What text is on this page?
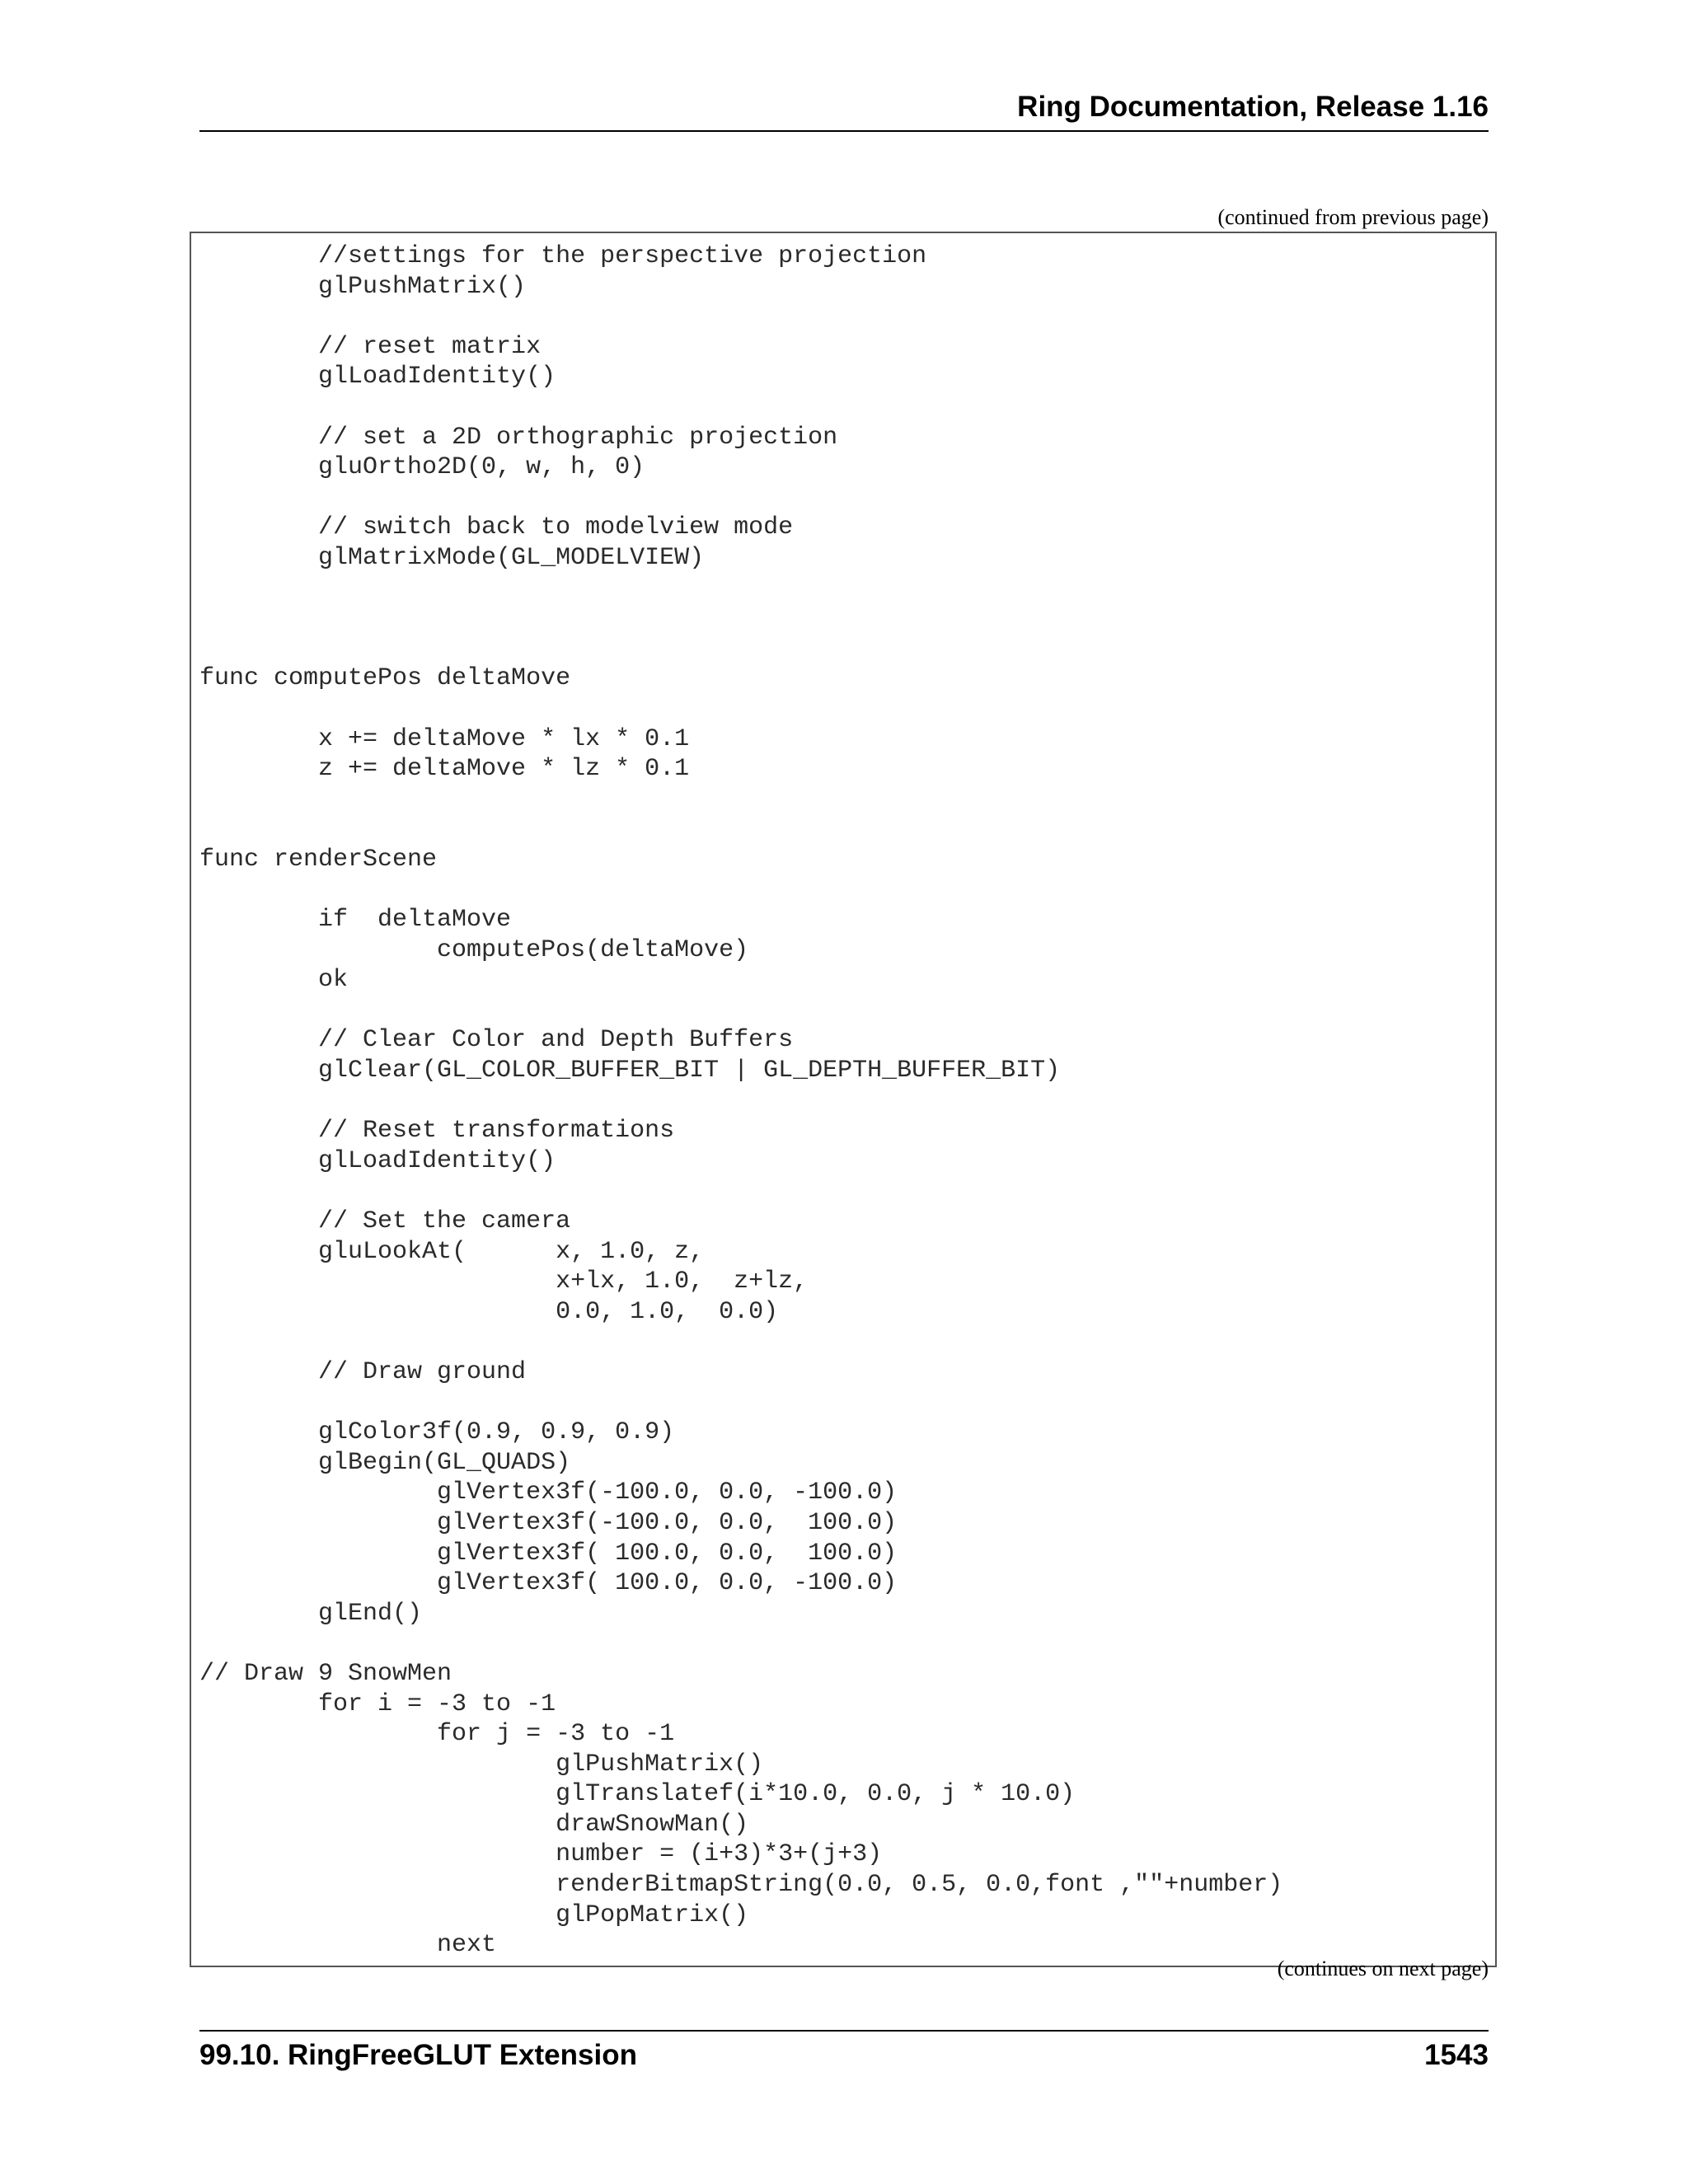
Ring Documentation, Release 1.16
(continued from previous page)
//settings for the perspective projection
glPushMatrix()
// reset matrix
glLoadIdentity()
// set a 2D orthographic projection
gluOrtho2D(0, w, h, 0)
// switch back to modelview mode
glMatrixMode(GL_MODELVIEW)
func computePos deltaMove
x += deltaMove * lx * 0.1
z += deltaMove * lz * 0.1
func renderScene
if  deltaMove
computePos(deltaMove)
ok
// Clear Color and Depth Buffers
glClear(GL_COLOR_BUFFER_BIT | GL_DEPTH_BUFFER_BIT)
// Reset transformations
glLoadIdentity()
// Set the camera
gluLookAt(      x, 1.0, z,
x+lx, 1.0,  z+lz,
0.0, 1.0,  0.0)
// Draw ground
glColor3f(0.9, 0.9, 0.9)
glBegin(GL_QUADS)
glVertex3f(-100.0, 0.0, -100.0)
glVertex3f(-100.0, 0.0,  100.0)
glVertex3f( 100.0, 0.0,  100.0)
glVertex3f( 100.0, 0.0, -100.0)
glEnd()
// Draw 9 SnowMen
for i = -3 to -1
for j = -3 to -1
glPushMatrix()
glTranslatef(i*10.0, 0.0, j * 10.0)
drawSnowMan()
number = (i+3)*3+(j+3)
renderBitmapString(0.0, 0.5, 0.0,font ,""+number)
glPopMatrix()
next
(continues on next page)
99.10. RingFreeGLUT Extension	1543
